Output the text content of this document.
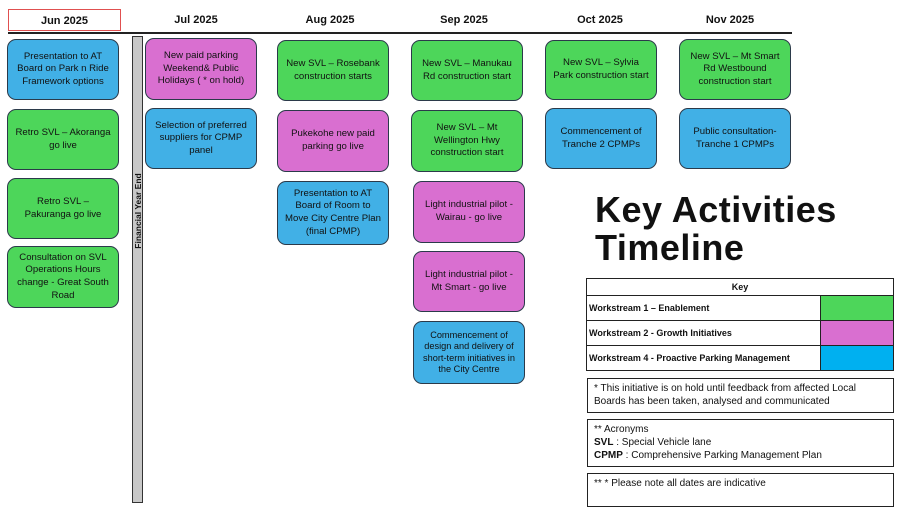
Jun 2025	Jul 2025	Aug 2025	Sep 2025	Oct 2025	Nov 2025
Financial Year End
Presentation to AT Board on Park n Ride Framework options
Retro SVL – Akoranga go live
Retro SVL – Pakuranga go live
Consultation on SVL Operations Hours change - Great South Road
New paid parking Weekend& Public Holidays ( * on hold)
Selection of preferred suppliers for CPMP panel
New SVL – Rosebank construction starts
Pukekohe new paid parking go live
Presentation to AT Board of Room to Move City Centre Plan (final CPMP)
New SVL – Manukau Rd construction start
New SVL – Mt Wellington Hwy construction start
Light industrial pilot - Wairau - go live
Light industrial pilot - Mt Smart - go live
Commencement of design and delivery of short-term initiatives in the City Centre
New SVL – Sylvia Park construction start
Commencement of Tranche 2 CPMPs
New SVL – Mt Smart Rd Westbound construction start
Public consultation- Tranche 1 CPMPs
Key Activities
Timeline
Key	
Workstream 1 – Enablement	
Workstream 2 - Growth Initiatives	
Workstream 4 - Proactive Parking Management	
* This initiative is on hold until feedback from affected Local Boards has been taken, analysed and communicated
** Acronyms
SVL : Special Vehicle lane
CPMP : Comprehensive Parking Management Plan
** * Please note all dates are indicative
